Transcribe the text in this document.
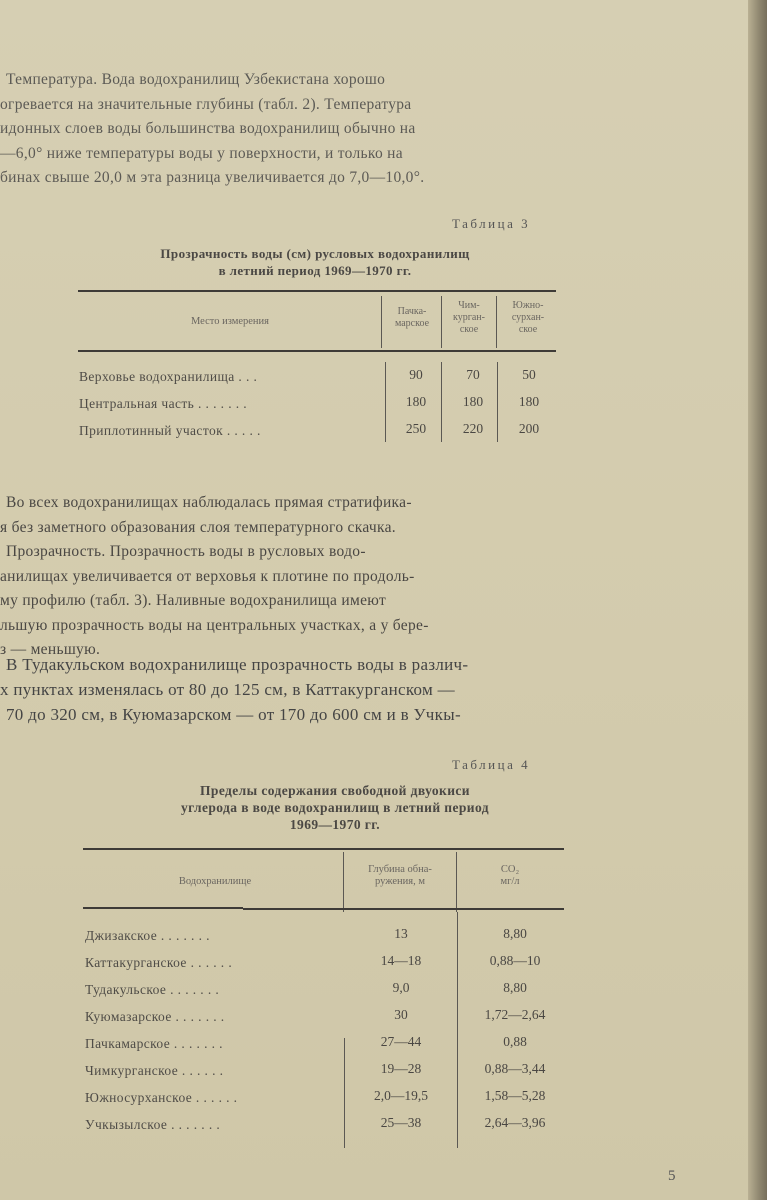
Температура. Вода водохранилищ Узбекистана хорошо
огревается на значительные глубины (табл. 2). Температура
идонных слоев воды большинства водохранилищ обычно на
—6,0° ниже температуры воды у поверхности, и только на
бинах свыше 20,0 м эта разница увеличивается до 7,0—10,0°.
Таблица 3
Прозрачность воды (см) русловых водохранилищ
в летний период 1969—1970 гг.
Место измерения
Пачка-
марское
Чим-
курган-
ское
Южно-
сурхан-
ское
Верховье водохранилища . . .	90	70	50
Центральная часть . . . . . . .	180	180	180
Приплотинный участок . . . . .	250	220	200
Во всех водохранилищах наблюдалась прямая стратифика-
я без заметного образования слоя температурного скачка.
Прозрачность. Прозрачность воды в русловых водо-
анилищах увеличивается от верховья к плотине по продоль-
му профилю (табл. 3). Наливные водохранилища имеют
льшую прозрачность воды на центральных участках, а у бере-
з — меньшую.
В Тудакульском водохранилище прозрачность воды в различ-
х пунктах изменялась от 80 до 125 см, в Каттакурганском —
70 до 320 см, в Куюмазарском — от 170 до 600 см и в Учкы-
Таблица 4
Пределы содержания свободной двуокиси
углерода в воде водохранилищ в летний период
1969—1970 гг.
Водохранилище
Глубина обна-
ружения, м
CO₂
мг/л
Джизакское . . . . . . .	13	8,80
Каттакурганское . . . . . .	14—18	0,88—10
Тудакульское . . . . . . .	9,0	8,80
Куюмазарское . . . . . . .	30	1,72—2,64
Пачкамарское . . . . . . .	27—44	0,88
Чимкурганское . . . . . .	19—28	0,88—3,44
Южносурханское . . . . . .	2,0—19,5	1,58—5,28
Учкызылское . . . . . . .	25—38	2,64—3,96
5
